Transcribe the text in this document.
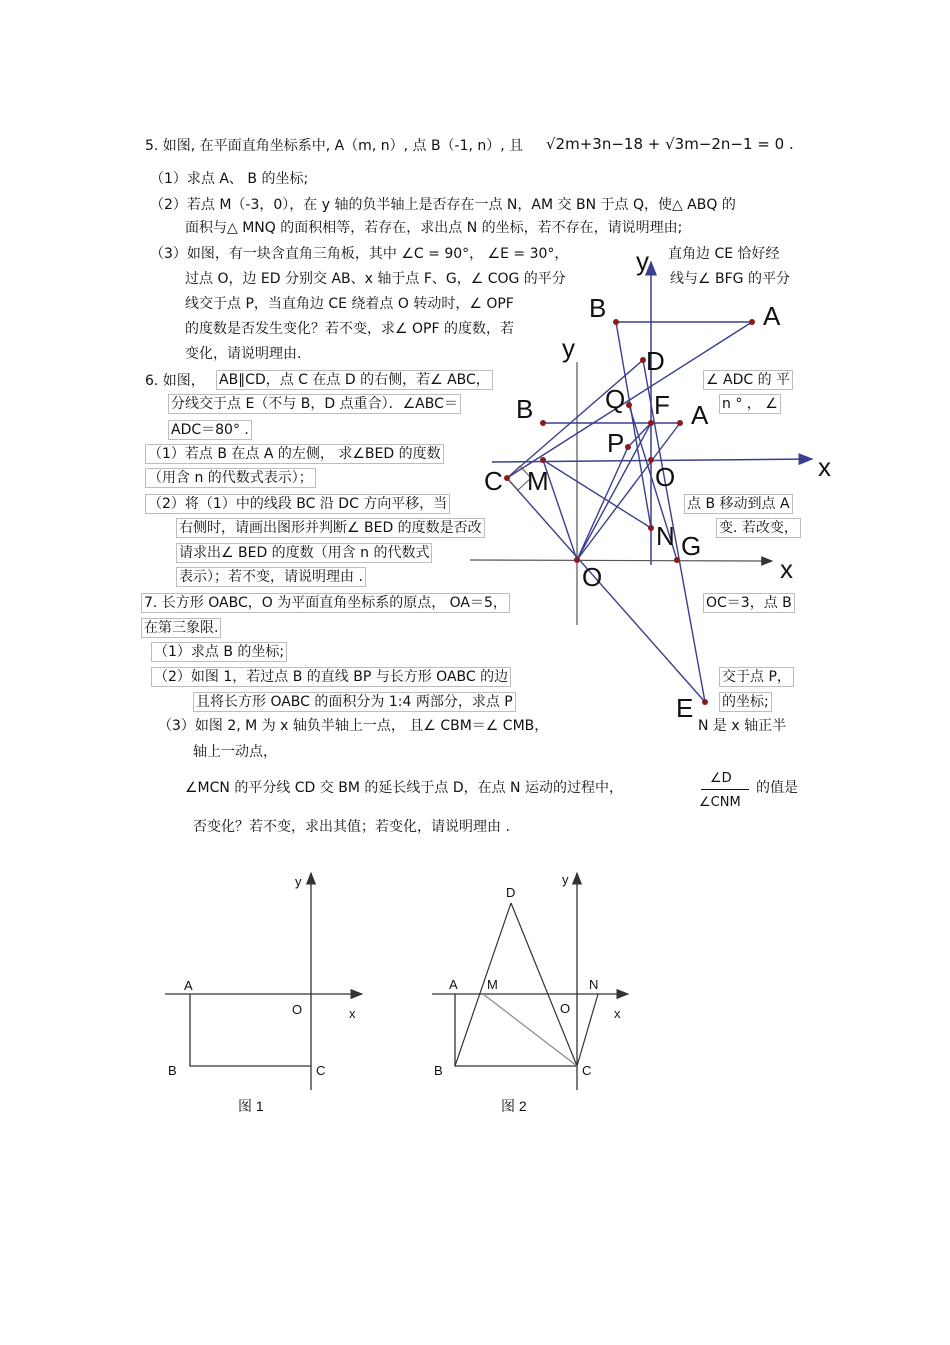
5. 如图, 在平面直角坐标系中, A（m, n）, 点 B（-1, n）, 且 √2m+3n−18 + √3m−2n−1 = 0 .
（1）求点 A、 B 的坐标;
（2）若点 M（-3，0），在 y 轴的负半轴上是否存在一点 N，AM 交 BN 于点 Q，使△ ABQ 的
面积与△ MNQ 的面积相等，若存在，求出点 N 的坐标，若不存在，请说明理由;
（3）如图，有一块含直角三角板，其中 ∠C = 90°， ∠E = 30°，	直角边 CE 恰好经
过点 O，边 ED 分别交 AB、x 轴于点 F、G，∠ COG 的平分	线与∠ BFG 的平分
线交于点 P，当直角边 CE 绕着点 O 转动时，∠ OPF
的度数是否发生变化？若不变，求∠ OPF 的度数，若
变化，请说明理由.
6. 如图， AB∥CD，点 C 在点 D 的右侧，若∠ ABC，	∠ ADC 的 平
分线交于点 E（不与 B，D 点重合）．∠ABC＝	n ° ， ∠
ADC＝80° .
（1）若点 B 在点 A 的左侧， 求∠BED 的度数
（用含 n 的代数式表示）；
（2）将（1）中的线段 BC 沿 DC 方向平移，当	点 B 移动到点 A
右侧时，请画出图形并判断∠ BED 的度数是否改	变. 若改变，
请求出∠ BED 的度数（用含 n 的代数式
表示）；若不变，请说明理由 .
7. 长方形 OABC，O 为平面直角坐标系的原点， OA＝5，	OC＝3，点 B
在第三象限.
（1）求点 B 的坐标;
（2）如图 1，若过点 B 的直线 BP 与长方形 OABC 的边	交于点 P，
且将长方形 OABC 的面积分为 1:4 两部分，求点 P	的坐标;
（3）如图 2, M 为 x 轴负半轴上一点， 且∠ CBM＝∠ CMB，	N 是 x 轴正半
轴上一动点，
∠MCN 的平分线 CD 交 BM 的延长线于点 D，在点 N 运动的过程中，
∠D
∠CNM
的值是
否变化？若不变，求出其值；若变化，请说明理由 .
y
B	A
y	D
Q F
B	A
P
x
C M	O
N G
x
O
E
y
x
A
O
B	C
图 1
y
x
D
A M	N
O
B	C
图 2
